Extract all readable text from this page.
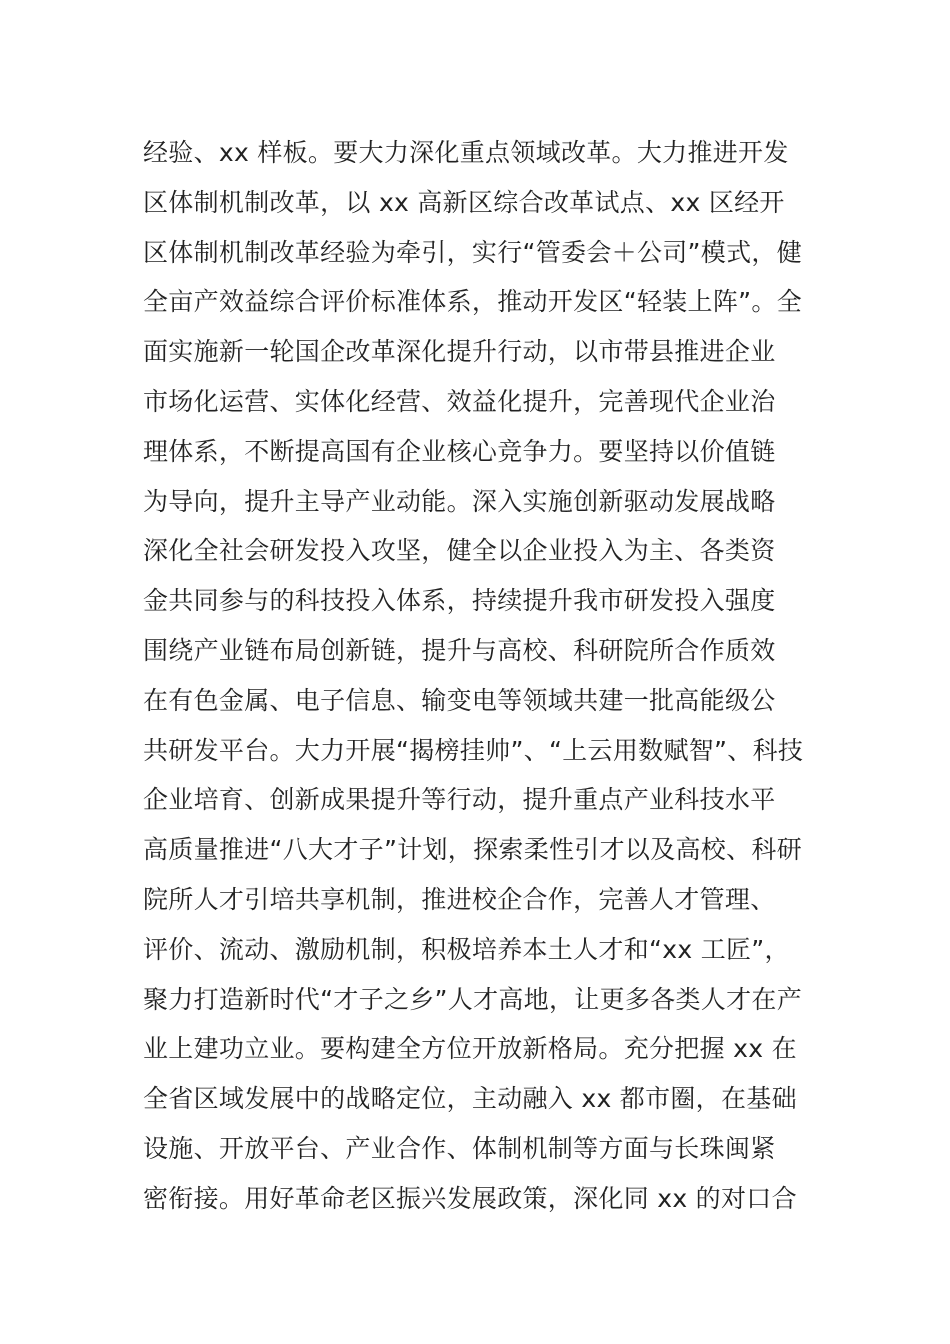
经验、xx 样板。要大力深化重点领域改革。大力推进开发
区体制机制改革，以 xx 高新区综合改革试点、xx 区经开
区体制机制改革经验为牵引，实行“管委会＋公司”模式，健
全亩产效益综合评价标准体系，推动开发区“轻装上阵”。全
面实施新一轮国企改革深化提升行动，以市带县推进企业
市场化运营、实体化经营、效益化提升，完善现代企业治
理体系，不断提高国有企业核心竞争力。要坚持以价值链
为导向，提升主导产业动能。深入实施创新驱动发展战略
深化全社会研发投入攻坚，健全以企业投入为主、各类资
金共同参与的科技投入体系，持续提升我市研发投入强度
围绕产业链布局创新链，提升与高校、科研院所合作质效
在有色金属、电子信息、输变电等领域共建一批高能级公
共研发平台。大力开展“揭榜挂帅”、“上云用数赋智”、科技
企业培育、创新成果提升等行动，提升重点产业科技水平
高质量推进“八大才子”计划，探索柔性引才以及高校、科研
院所人才引培共享机制，推进校企合作，完善人才管理、
评价、流动、激励机制，积极培养本土人才和“xx 工匠”，
聚力打造新时代“才子之乡”人才高地，让更多各类人才在产
业上建功立业。要构建全方位开放新格局。充分把握 xx 在
全省区域发展中的战略定位，主动融入 xx 都市圈，在基础
设施、开放平台、产业合作、体制机制等方面与长珠闽紧
密衔接。用好革命老区振兴发展政策，深化同 xx 的对口合
